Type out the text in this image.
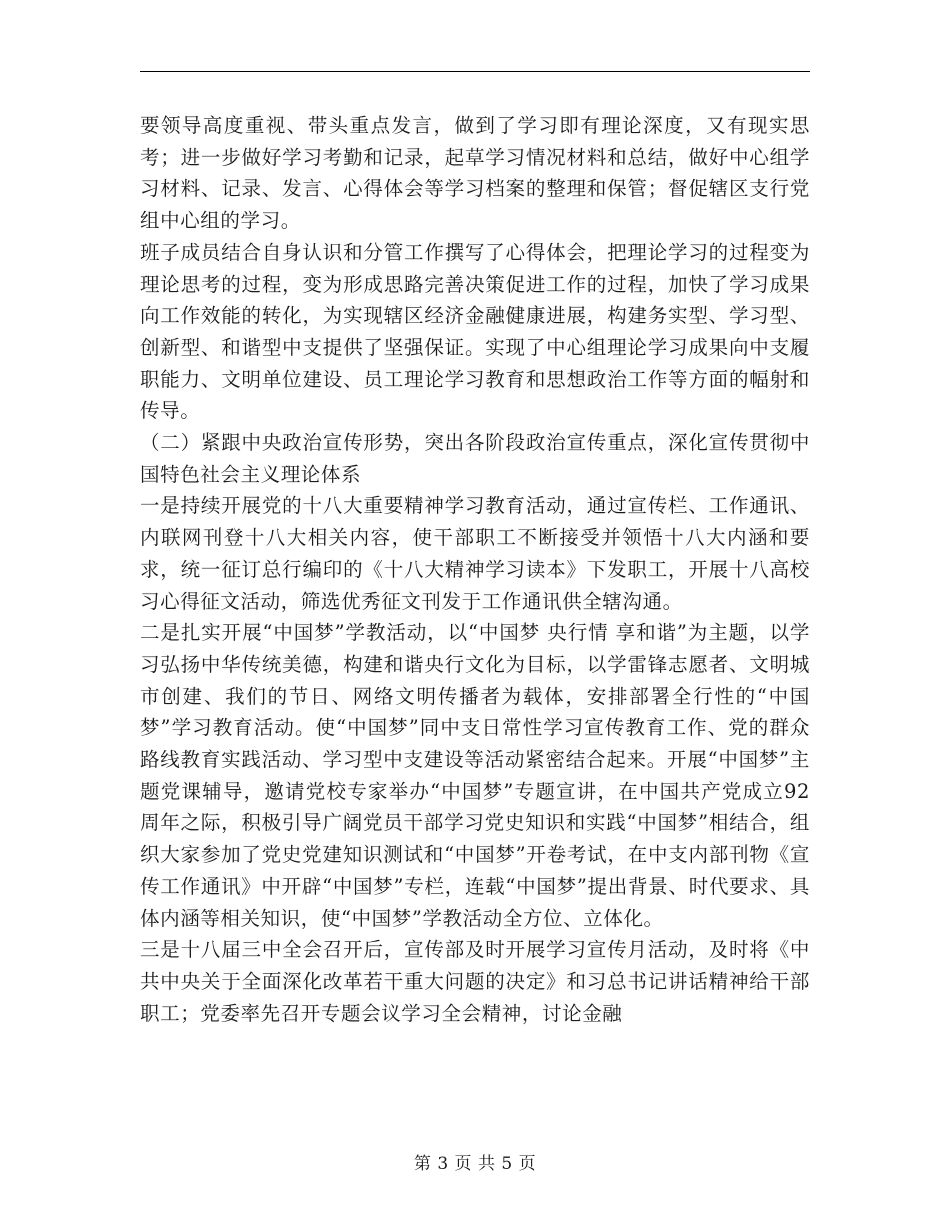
要领导高度重视、带头重点发言，做到了学习即有理论深度，又有现实思考；进一步做好学习考勤和记录，起草学习情况材料和总结，做好中心组学习材料、记录、发言、心得体会等学习档案的整理和保管；督促辖区支行党组中心组的学习。

班子成员结合自身认识和分管工作撰写了心得体会，把理论学习的过程变为理论思考的过程，变为形成思路完善决策促进工作的过程，加快了学习成果向工作效能的转化，为实现辖区经济金融健康进展，构建务实型、学习型、创新型、和谐型中支提供了坚强保证。实现了中心组理论学习成果向中支履职能力、文明单位建设、员工理论学习教育和思想政治工作等方面的幅射和传导。

（二）紧跟中央政治宣传形势，突出各阶段政治宣传重点，深化宣传贯彻中国特色社会主义理论体系

一是持续开展党的十八大重要精神学习教育活动，通过宣传栏、工作通讯、内联网刊登十八大相关内容，使干部职工不断接受并领悟十八大内涵和要求，统一征订总行编印的《十八大精神学习读本》下发职工，开展十八高校习心得征文活动，筛选优秀征文刊发于工作通讯供全辖沟通。

二是扎实开展“中国梦”学教活动，以“中国梦 央行情 享和谐”为主题，以学习弘扬中华传统美德，构建和谐央行文化为目标，以学雷锋志愿者、文明城市创建、我们的节日、网络文明传播者为载体，安排部署全行性的“中国梦”学习教育活动。使“中国梦”同中支日常性学习宣传教育工作、党的群众路线教育实践活动、学习型中支建设等活动紧密结合起来。开展“中国梦”主题党课辅导，邀请党校专家举办“中国梦”专题宣讲，在中国共产党成立92周年之际，积极引导广阔党员干部学习党史知识和实践“中国梦”相结合，组织大家参加了党史党建知识测试和“中国梦”开卷考试，在中支内部刊物《宣传工作通讯》中开辟“中国梦”专栏，连载“中国梦”提出背景、时代要求、具体内涵等相关知识，使“中国梦”学教活动全方位、立体化。

三是十八届三中全会召开后，宣传部及时开展学习宣传月活动，及时将《中共中央关于全面深化改革若干重大问题的决定》和习总书记讲话精神给干部职工；党委率先召开专题会议学习全会精神，讨论金融

第 3 页 共 5 页
